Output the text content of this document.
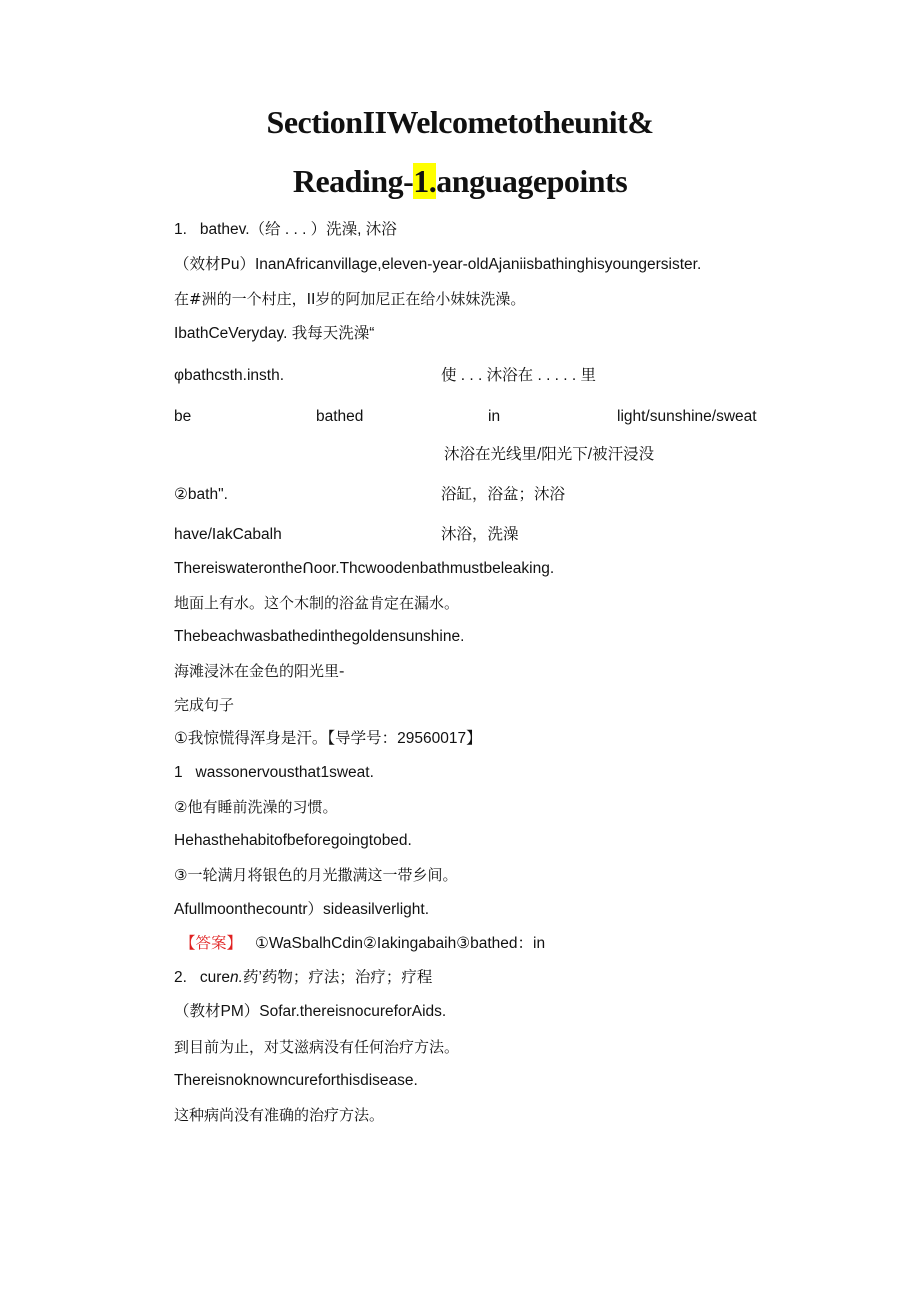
SectionIIWelcometotheunit&
Reading-1.anguagepoints
1.   bathev.（给 . . . ）洗澡, 沐浴
（效材Pu）InanAfricanvillage,eleven-year-oldAjaniisbathinghisyoungersister.
在#洲的一个村庄，II岁的阿加尼正在给小妹妹洗澡。
IbathCeVeryday. 我每天洗澡“
φbathcsth.insth.	使 . . . 沐浴在 . . . . . 里
be	bathed	in	light/sunshine/sweat
沐浴在光线里/阳光下/被汗浸没
②bath".	浴缸，浴盆；沐浴
have/IakCabalh	沐浴，洗澡
ThereiswaterontheՈoor.Thcwoodenbathmustbeleaking.
地面上有水。这个木制的浴盆肯定在漏水。
Thebeachwasbathedinthegoldensunshine.
海滩浸沐在金色的阳光里-
完成句子
①我惊慌得浑身是汗。【导学号：29560017】
1   wassonervousthat1sweat.
②他有睡前洗澡的习惯。
Hehasthehabitofbeforegoingtobed.
③一轮满月将银色的月光撒满这一带乡间。
Afullmoonthecountr）sideasilverlight.
【答案】 ①WaSbalhCdin②Iakingabaih③bathed：in
2.   curen.药’药物；疗法；治疗；疗程
（教材PM）Sofar.thereisnocureforAids.
到目前为止，对艾滋病没有任何治疗方法。
Thereisnoknowncureforthisdisease.
这种病尚没有准确的治疗方法。
